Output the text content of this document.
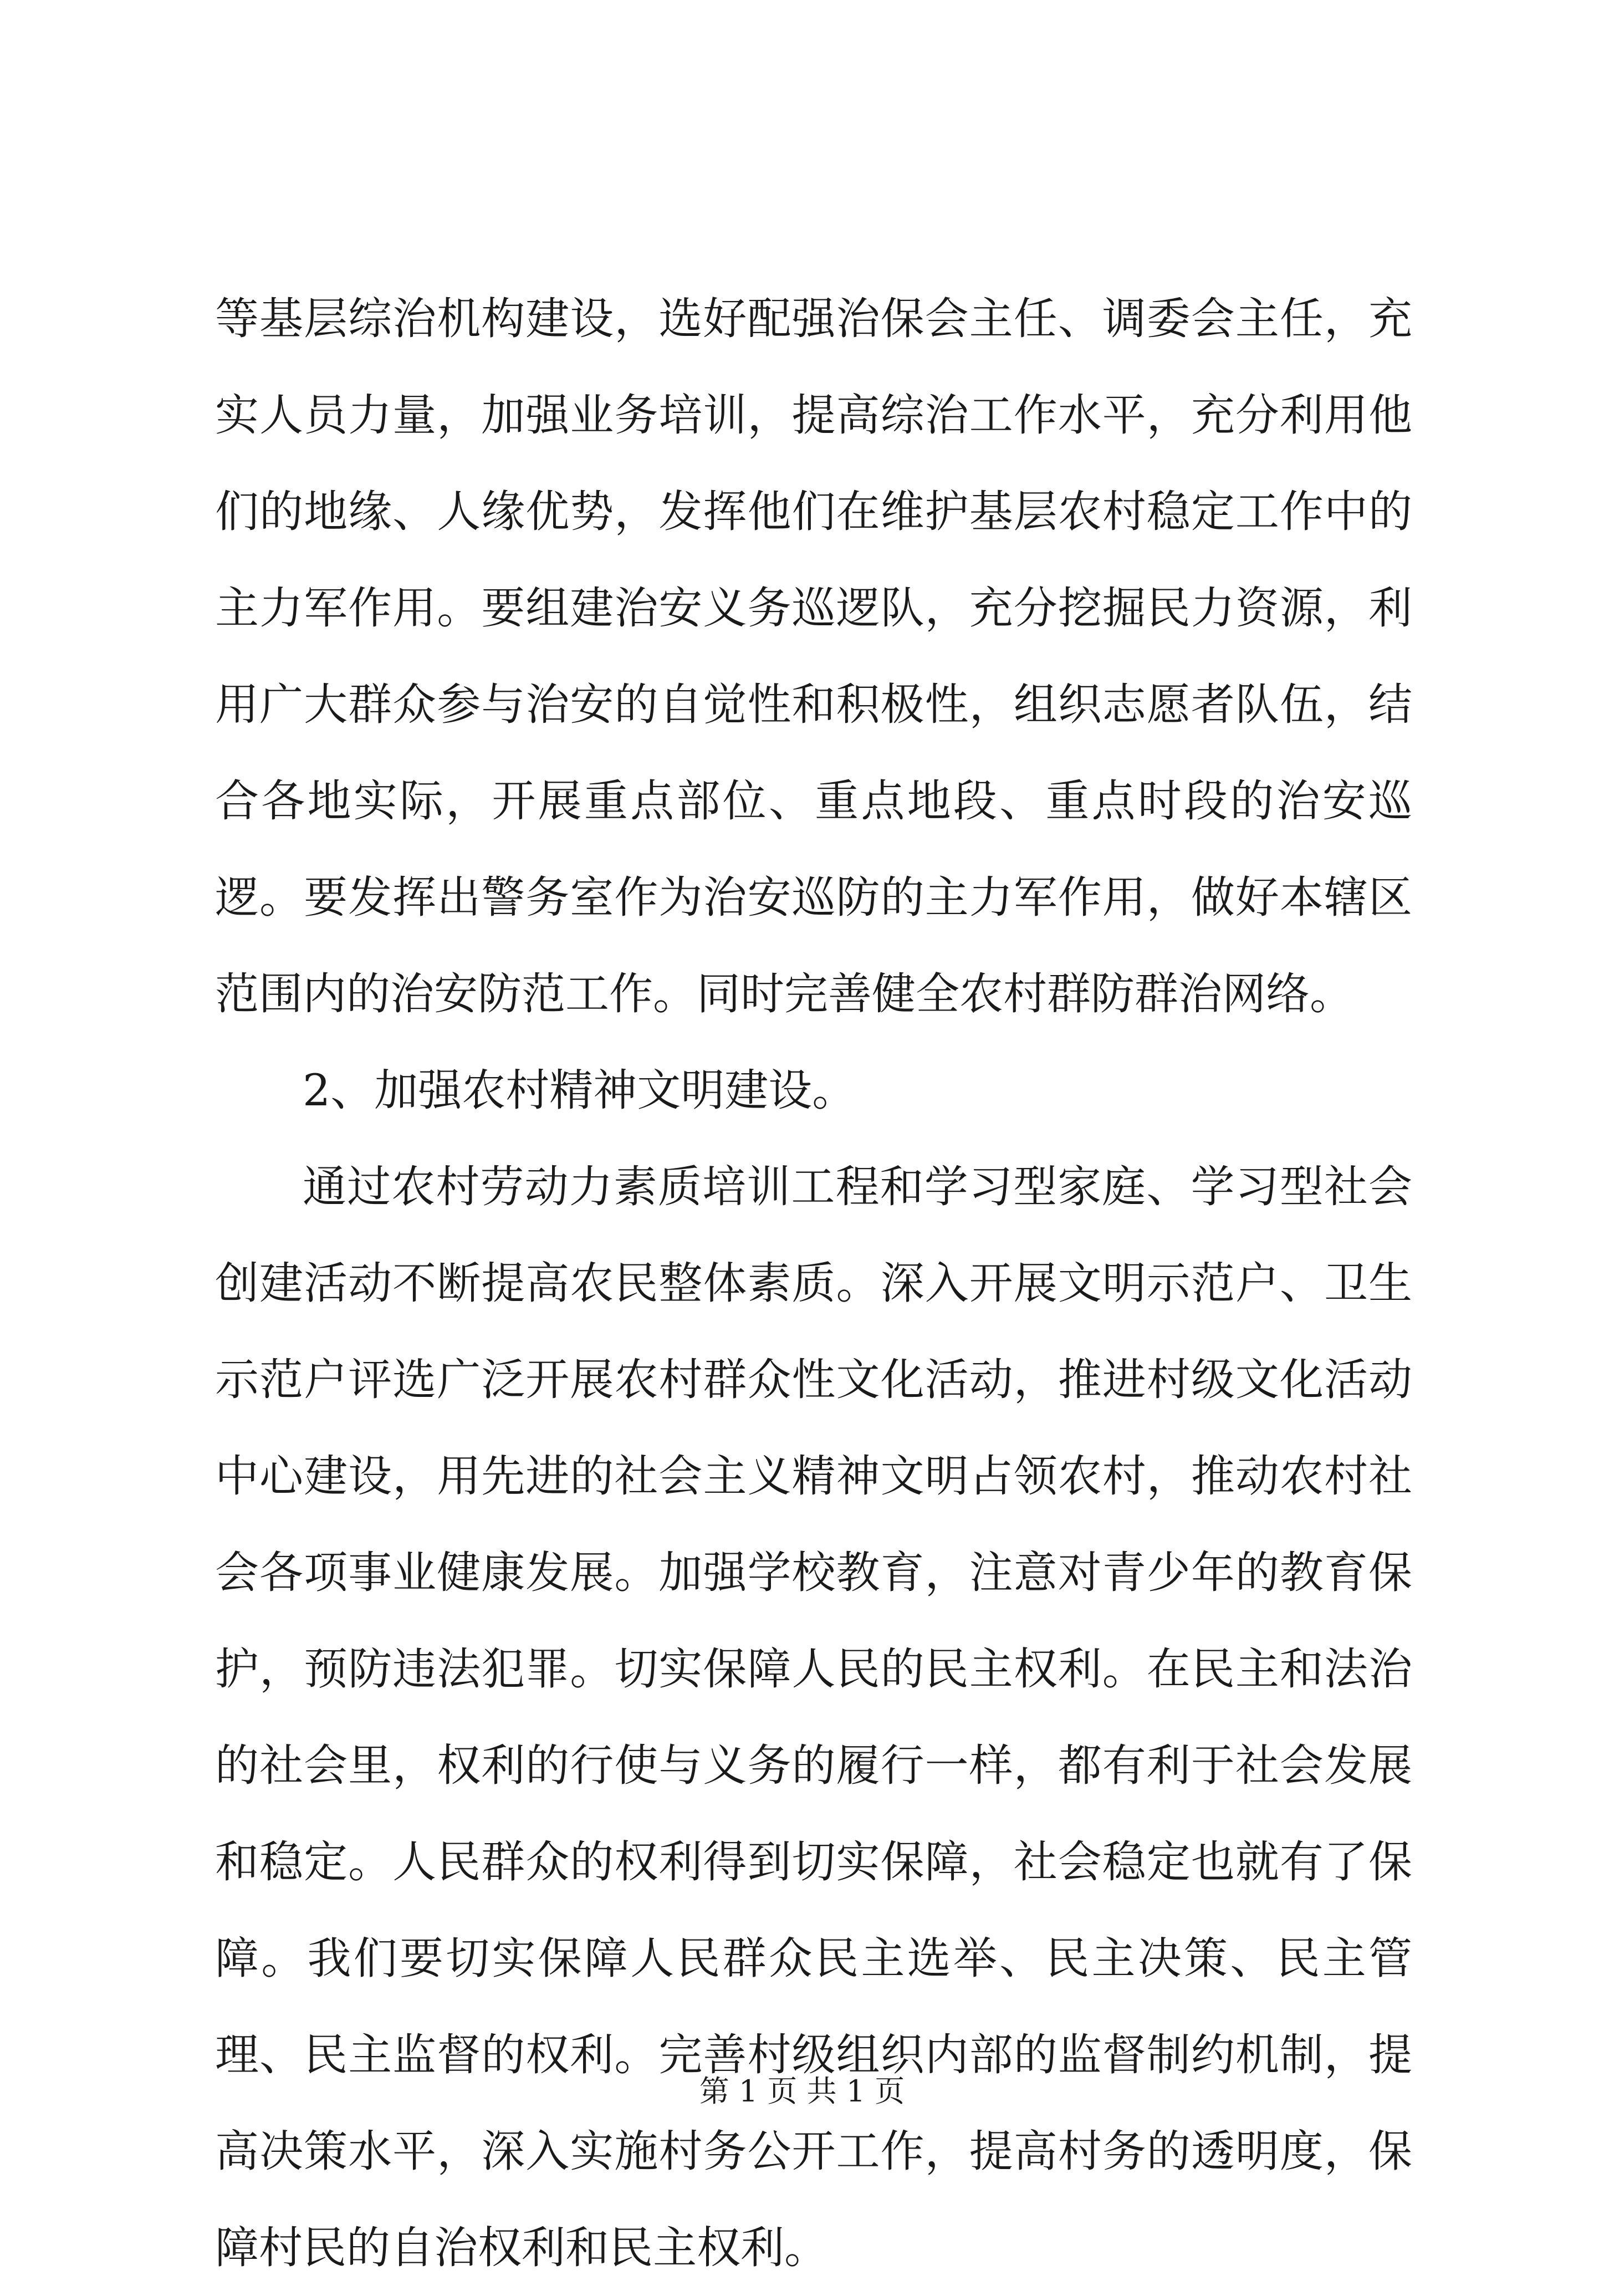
等基层综治机构建设，选好配强治保会主任、调委会主任，充实人员力量，加强业务培训，提高综治工作水平，充分利用他们的地缘、人缘优势，发挥他们在维护基层农村稳定工作中的主力军作用。要组建治安义务巡逻队，充分挖掘民力资源，利用广大群众参与治安的自觉性和积极性，组织志愿者队伍，结合各地实际，开展重点部位、重点地段、重点时段的治安巡逻。要发挥出警务室作为治安巡防的主力军作用，做好本辖区范围内的治安防范工作。同时完善健全农村群防群治网络。

2、加强农村精神文明建设。

通过农村劳动力素质培训工程和学习型家庭、学习型社会创建活动不断提高农民整体素质。深入开展文明示范户、卫生示范户评选广泛开展农村群众性文化活动，推进村级文化活动中心建设，用先进的社会主义精神文明占领农村，推动农村社会各项事业健康发展。加强学校教育，注意对青少年的教育保护，预防违法犯罪。切实保障人民的民主权利。在民主和法治的社会里，权利的行使与义务的履行一样，都有利于社会发展和稳定。人民群众的权利得到切实保障，社会稳定也就有了保障。我们要切实保障人民群众民主选举、民主决策、民主管理、民主监督的权利。完善村级组织内部的监督制约机制，提高决策水平，深入实施村务公开工作，提高村务的透明度，保障村民的自治权利和民主权利。

第 1 页 共 1 页
